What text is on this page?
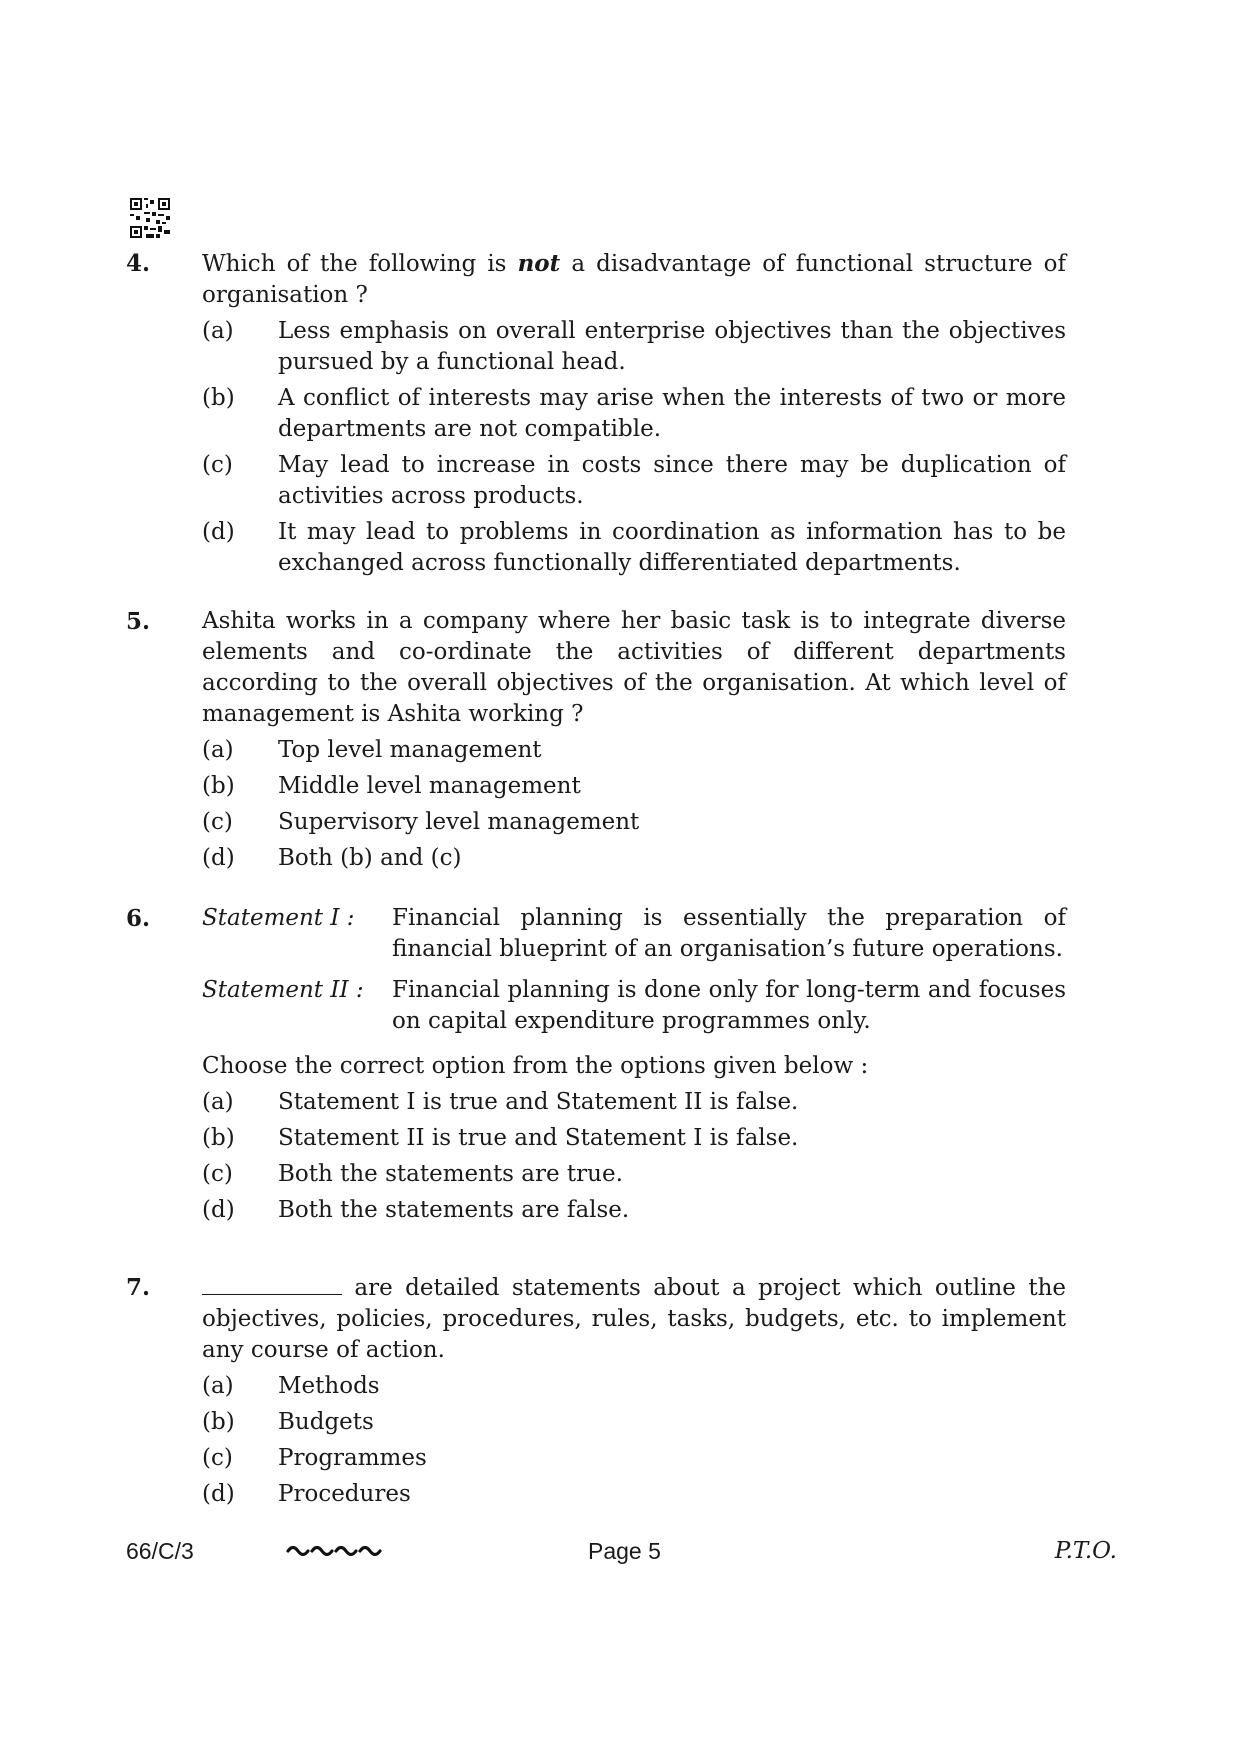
4. Which of the following is not a disadvantage of functional structure of organisation ?
(a) Less emphasis on overall enterprise objectives than the objectives pursued by a functional head.
(b) A conflict of interests may arise when the interests of two or more departments are not compatible.
(c) May lead to increase in costs since there may be duplication of activities across products.
(d) It may lead to problems in coordination as information has to be exchanged across functionally differentiated departments.
5. Ashita works in a company where her basic task is to integrate diverse elements and co-ordinate the activities of different departments according to the overall objectives of the organisation. At which level of management is Ashita working ?
(a) Top level management
(b) Middle level management
(c) Supervisory level management
(d) Both (b) and (c)
6. Statement I : Financial planning is essentially the preparation of financial blueprint of an organisation’s future operations.
Statement II : Financial planning is done only for long-term and focuses on capital expenditure programmes only.
Choose the correct option from the options given below :
(a) Statement I is true and Statement II is false.
(b) Statement II is true and Statement I is false.
(c) Both the statements are true.
(d) Both the statements are false.
7.	are detailed statements about a project which outline the objectives, policies, procedures, rules, tasks, budgets, etc. to implement any course of action.
(a) Methods
(b) Budgets
(c) Programmes
(d) Procedures
66/C/3	Page 5	P.T.O.
